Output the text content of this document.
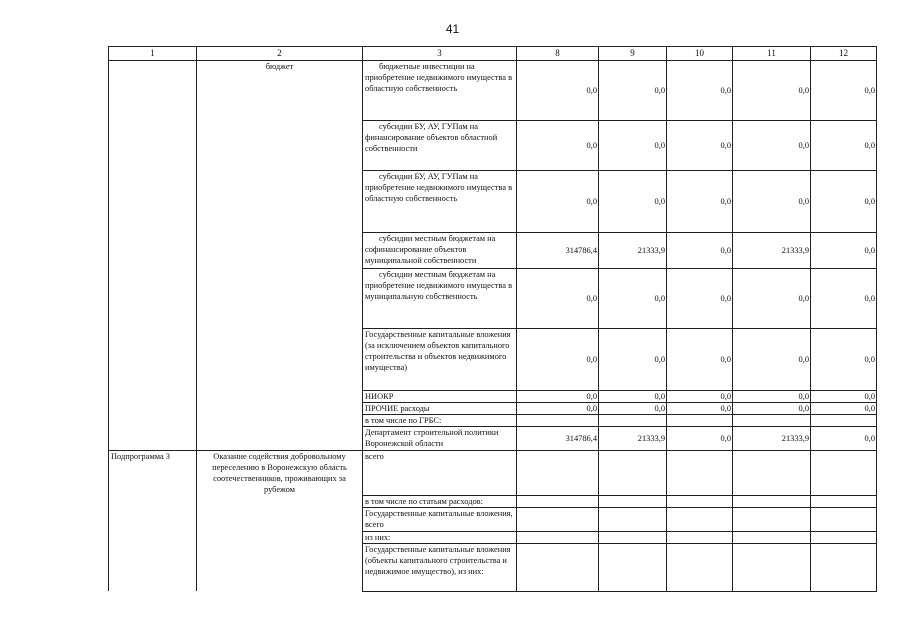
41
1	2	3	8	9	10	11	12
	бюджет	бюджетные инвестиции на приобретение недвижимого имущества в областную собственность	0,0	0,0	0,0	0,0	0,0
		субсидии БУ, АУ, ГУПам на финансирование объектов областной собственности	0,0	0,0	0,0	0,0	0,0
		субсидии БУ, АУ, ГУПам на приобретение недвижимого имущества в областную собственность	0,0	0,0	0,0	0,0	0,0
		субсидии местным бюджетам на софинансирование объектов муниципальной собственности	314786,4	21333,9	0,0	21333,9	0,0
		субсидии местным бюджетам на приобретение недвижимого имущества в муниципальную собственность	0,0	0,0	0,0	0,0	0,0
		Государственные капитальные вложения (за исключением объектов капитального строительства и объектов недвижимого имущества)	0,0	0,0	0,0	0,0	0,0
		НИОКР	0,0	0,0	0,0	0,0	0,0
		ПРОЧИЕ расходы	0,0	0,0	0,0	0,0	0,0
		в том числе по ГРБС:					
		Департамент строительной политики Воронежской области	314786,4	21333,9	0,0	21333,9	0,0
Подпрограмма 3	Оказание содействия добровольному переселению в Воронежскую область соотечественников, проживающих за рубежом	всего					
		в том числе по статьям расходов:					
		Государственные капитальные вложения, всего					
		из них:					
		Государственные капитальные вложения (объекты капитального строительства и недвижимое имущество), из них:					
